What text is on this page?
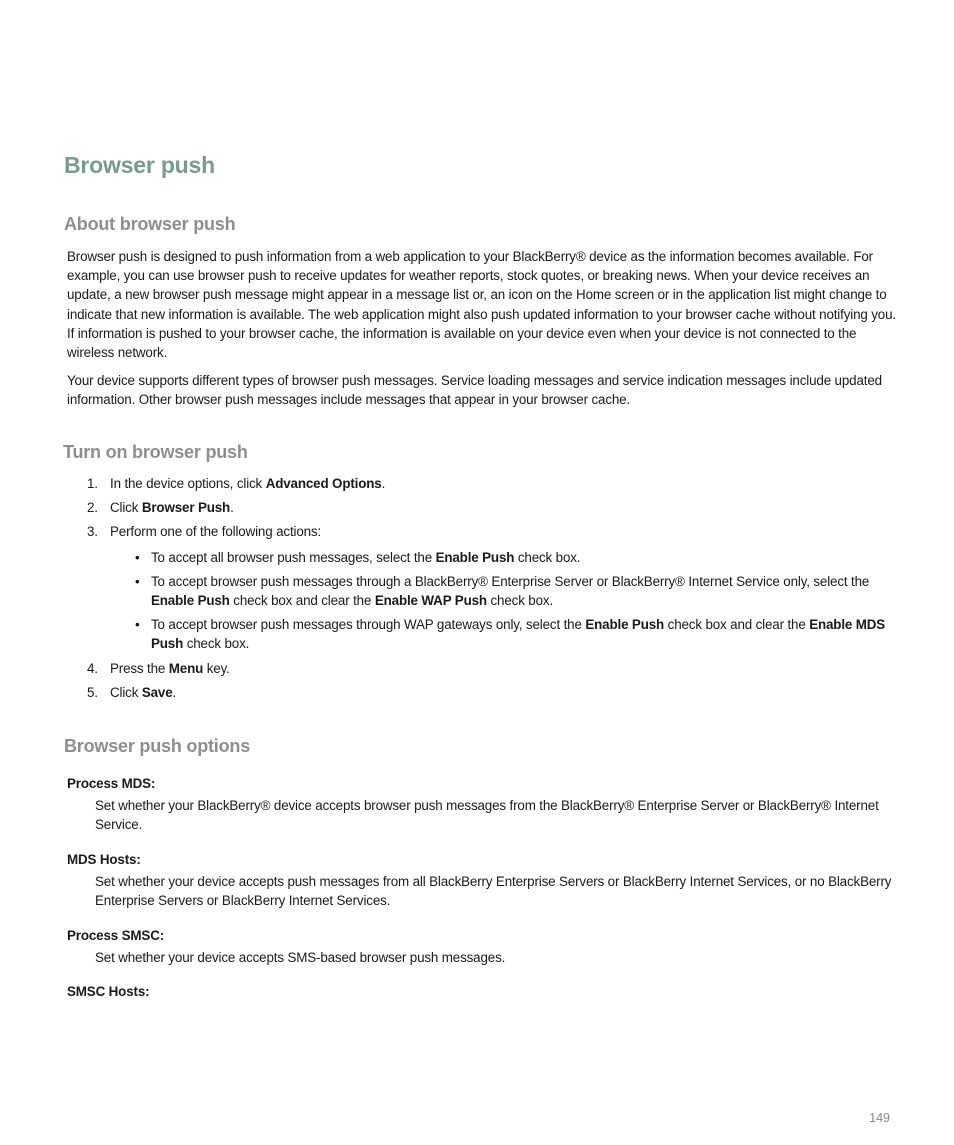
Browser push
About browser push

Browser push is designed to push information from a web application to your BlackBerry® device as the information becomes available. For example, you can use browser push to receive updates for weather reports, stock quotes, or breaking news. When your device receives an update, a new browser push message might appear in a message list or, an icon on the Home screen or in the application list might change to indicate that new information is available. The web application might also push updated information to your browser cache without notifying you. If information is pushed to your browser cache, the information is available on your device even when your device is not connected to the wireless network.

Your device supports different types of browser push messages. Service loading messages and service indication messages include updated information. Other browser push messages include messages that appear in your browser cache.

Turn on browser push
1. In the device options, click Advanced Options.
2. Click Browser Push.
3. Perform one of the following actions:
• To accept all browser push messages, select the Enable Push check box.
• To accept browser push messages through a BlackBerry® Enterprise Server or BlackBerry® Internet Service only, select the Enable Push check box and clear the Enable WAP Push check box.
• To accept browser push messages through WAP gateways only, select the Enable Push check box and clear the Enable MDS Push check box.
4. Press the Menu key.
5. Click Save.
Browser push options

Process MDS:

Set whether your BlackBerry® device accepts browser push messages from the BlackBerry® Enterprise Server or BlackBerry® Internet Service.

MDS Hosts:

Set whether your device accepts push messages from all BlackBerry Enterprise Servers or BlackBerry Internet Services, or no BlackBerry Enterprise Servers or BlackBerry Internet Services.

Process SMSC:

Set whether your device accepts SMS-based browser push messages.

SMSC Hosts:

149
